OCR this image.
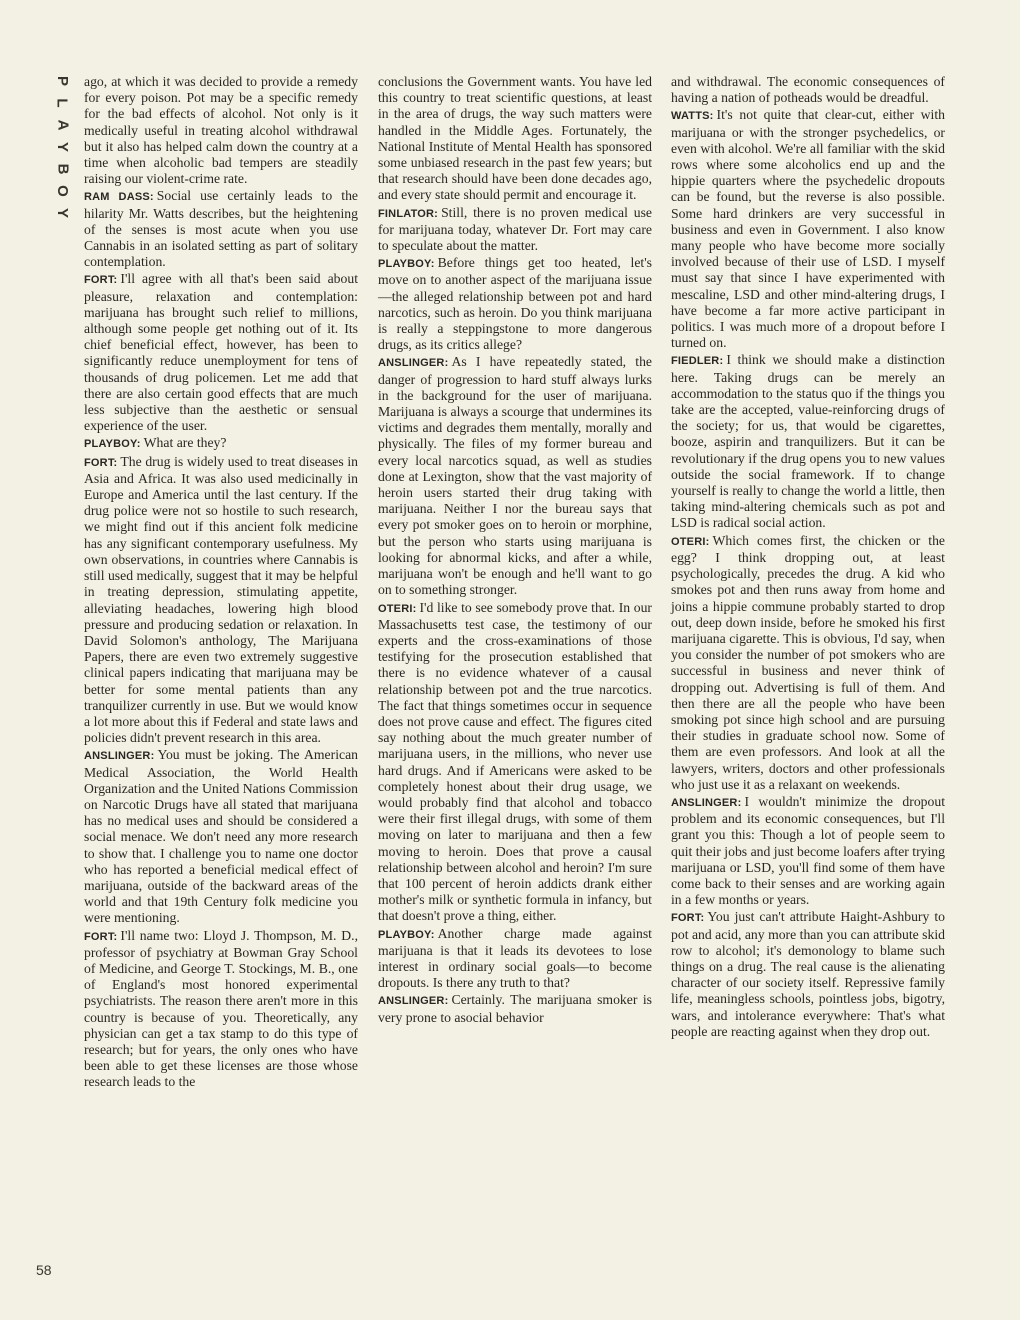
P
L
A
Y
B
O
Y
58

ago, at which it was decided to provide a remedy for every poison. Pot may be a specific remedy for the bad effects of alcohol. Not only is it medically useful in treating alcohol withdrawal but it also has helped calm down the country at a time when alcoholic bad tempers are steadily raising our violent-crime rate.

RAM DASS: Social use certainly leads to the hilarity Mr. Watts describes, but the heightening of the senses is most acute when you use Cannabis in an isolated setting as part of solitary contemplation.

FORT: I'll agree with all that's been said about pleasure, relaxation and contemplation: marijuana has brought such relief to millions, although some people get nothing out of it. Its chief beneficial effect, however, has been to significantly reduce unemployment for tens of thousands of drug policemen. Let me add that there are also certain good effects that are much less subjective than the aesthetic or sensual experience of the user.

PLAYBOY: What are they?

FORT: The drug is widely used to treat diseases in Asia and Africa. It was also used medicinally in Europe and America until the last century. If the drug police were not so hostile to such research, we might find out if this ancient folk medicine has any significant contemporary usefulness. My own observations, in countries where Cannabis is still used medically, suggest that it may be helpful in treating depression, stimulating appetite, alleviating headaches, lowering high blood pressure and producing sedation or relaxation. In David Solomon's anthology, The Marijuana Papers, there are even two extremely suggestive clinical papers indicating that marijuana may be better for some mental patients than any tranquilizer currently in use. But we would know a lot more about this if Federal and state laws and policies didn't prevent research in this area.

ANSLINGER: You must be joking. The American Medical Association, the World Health Organization and the United Nations Commission on Narcotic Drugs have all stated that marijuana has no medical uses and should be considered a social menace. We don't need any more research to show that. I challenge you to name one doctor who has reported a beneficial medical effect of marijuana, outside of the backward areas of the world and that 19th Century folk medicine you were mentioning.

FORT: I'll name two: Lloyd J. Thompson, M. D., professor of psychiatry at Bowman Gray School of Medicine, and George T. Stockings, M. B., one of England's most honored experimental psychiatrists. The reason there aren't more in this country is because of you. Theoretically, any physician can get a tax stamp to do this type of research; but for years, the only ones who have been able to get these licenses are those whose research leads to the

conclusions the Government wants. You have led this country to treat scientific questions, at least in the area of drugs, the way such matters were handled in the Middle Ages. Fortunately, the National Institute of Mental Health has sponsored some unbiased research in the past few years; but that research should have been done decades ago, and every state should permit and encourage it.

FINLATOR: Still, there is no proven medical use for marijuana today, whatever Dr. Fort may care to speculate about the matter.

PLAYBOY: Before things get too heated, let's move on to another aspect of the marijuana issue—the alleged relationship between pot and hard narcotics, such as heroin. Do you think marijuana is really a steppingstone to more dangerous drugs, as its critics allege?

ANSLINGER: As I have repeatedly stated, the danger of progression to hard stuff always lurks in the background for the user of marijuana. Marijuana is always a scourge that undermines its victims and degrades them mentally, morally and physically. The files of my former bureau and every local narcotics squad, as well as studies done at Lexington, show that the vast majority of heroin users started their drug taking with marijuana. Neither I nor the bureau says that every pot smoker goes on to heroin or morphine, but the person who starts using marijuana is looking for abnormal kicks, and after a while, marijuana won't be enough and he'll want to go on to something stronger.

OTERI: I'd like to see somebody prove that. In our Massachusetts test case, the testimony of our experts and the cross-examinations of those testifying for the prosecution established that there is no evidence whatever of a causal relationship between pot and the true narcotics. The fact that things sometimes occur in sequence does not prove cause and effect. The figures cited say nothing about the much greater number of marijuana users, in the millions, who never use hard drugs. And if Americans were asked to be completely honest about their drug usage, we would probably find that alcohol and tobacco were their first illegal drugs, with some of them moving on later to marijuana and then a few moving to heroin. Does that prove a causal relationship between alcohol and heroin? I'm sure that 100 percent of heroin addicts drank either mother's milk or synthetic formula in infancy, but that doesn't prove a thing, either.

PLAYBOY: Another charge made against marijuana is that it leads its devotees to lose interest in ordinary social goals—to become dropouts. Is there any truth to that?

ANSLINGER: Certainly. The marijuana smoker is very prone to asocial behavior

and withdrawal. The economic consequences of having a nation of potheads would be dreadful.

WATTS: It's not quite that clear-cut, either with marijuana or with the stronger psychedelics, or even with alcohol. We're all familiar with the skid rows where some alcoholics end up and the hippie quarters where the psychedelic dropouts can be found, but the reverse is also possible. Some hard drinkers are very successful in business and even in Government. I also know many people who have become more socially involved because of their use of LSD. I myself must say that since I have experimented with mescaline, LSD and other mind-altering drugs, I have become a far more active participant in politics. I was much more of a dropout before I turned on.

FIEDLER: I think we should make a distinction here. Taking drugs can be merely an accommodation to the status quo if the things you take are the accepted, value-reinforcing drugs of the society; for us, that would be cigarettes, booze, aspirin and tranquilizers. But it can be revolutionary if the drug opens you to new values outside the social framework. If to change yourself is really to change the world a little, then taking mind-altering chemicals such as pot and LSD is radical social action.

OTERI: Which comes first, the chicken or the egg? I think dropping out, at least psychologically, precedes the drug. A kid who smokes pot and then runs away from home and joins a hippie commune probably started to drop out, deep down inside, before he smoked his first marijuana cigarette. This is obvious, I'd say, when you consider the number of pot smokers who are successful in business and never think of dropping out. Advertising is full of them. And then there are all the people who have been smoking pot since high school and are pursuing their studies in graduate school now. Some of them are even professors. And look at all the lawyers, writers, doctors and other professionals who just use it as a relaxant on weekends.

ANSLINGER: I wouldn't minimize the dropout problem and its economic consequences, but I'll grant you this: Though a lot of people seem to quit their jobs and just become loafers after trying marijuana or LSD, you'll find some of them have come back to their senses and are working again in a few months or years.

FORT: You just can't attribute Haight-Ashbury to pot and acid, any more than you can attribute skid row to alcohol; it's demonology to blame such things on a drug. The real cause is the alienating character of our society itself. Repressive family life, meaningless schools, pointless jobs, bigotry, wars, and intolerance everywhere: That's what people are reacting against when they drop out.
